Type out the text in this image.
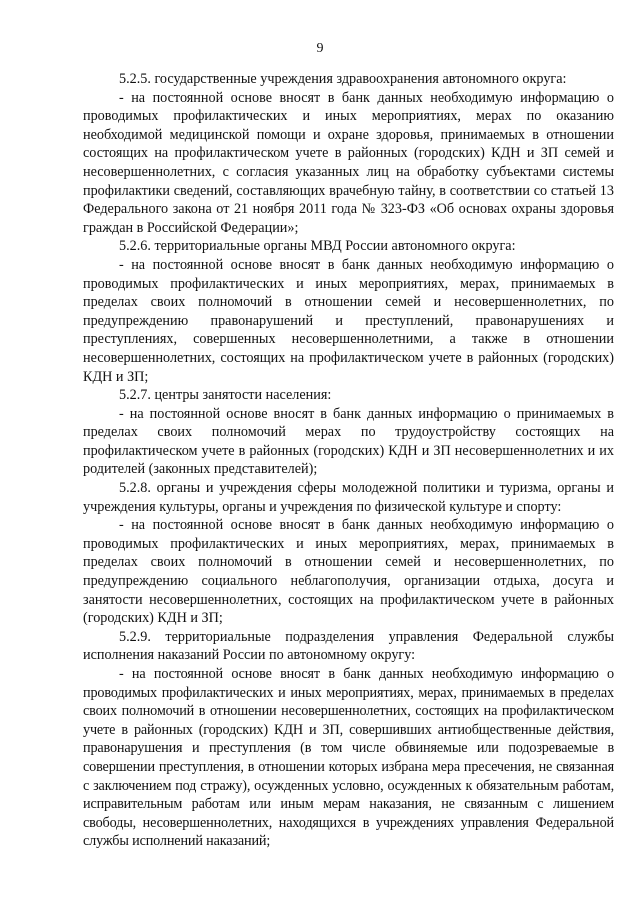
9

5.2.5. государственные учреждения здравоохранения автономного округа:

- на постоянной основе вносят в банк данных необходимую информацию о проводимых профилактических и иных мероприятиях, мерах по оказанию необходимой медицинской помощи и охране здоровья, принимаемых в отношении состоящих на профилактическом учете в районных (городских) КДН и ЗП семей и несовершеннолетних, с согласия указанных лиц на обработку субъектами системы профилактики сведений, составляющих врачебную тайну, в соответствии со статьей 13 Федерального закона от 21 ноября 2011 года № 323-ФЗ «Об основах охраны здоровья граждан в Российской Федерации»;

5.2.6. территориальные органы МВД России автономного округа:

- на постоянной основе вносят в банк данных необходимую информацию о проводимых профилактических и иных мероприятиях, мерах, принимаемых в пределах своих полномочий в отношении семей и несовершеннолетних, по предупреждению правонарушений и преступлений, правонарушениях и преступлениях, совершенных несовершеннолетними, а также в отношении несовершеннолетних, состоящих на профилактическом учете в районных (городских) КДН и ЗП;

5.2.7. центры занятости населения:

- на постоянной основе вносят в банк данных информацию о принимаемых в пределах своих полномочий мерах по трудоустройству состоящих на профилактическом учете в районных (городских) КДН и ЗП несовершеннолетних и их родителей (законных представителей);

5.2.8. органы и учреждения сферы молодежной политики и туризма, органы и учреждения культуры, органы и учреждения по физической культуре и спорту:

- на постоянной основе вносят в банк данных необходимую информацию о проводимых профилактических и иных мероприятиях, мерах, принимаемых в пределах своих полномочий в отношении семей и несовершеннолетних, по предупреждению социального неблагополучия, организации отдыха, досуга и занятости несовершеннолетних, состоящих на профилактическом учете в районных (городских) КДН и ЗП;

5.2.9. территориальные подразделения управления Федеральной службы исполнения наказаний России по автономному округу:

- на постоянной основе вносят в банк данных необходимую информацию о проводимых профилактических и иных мероприятиях, мерах, принимаемых в пределах своих полномочий в отношении несовершеннолетних, состоящих на профилактическом учете в районных (городских) КДН и ЗП, совершивших антиобщественные действия, правонарушения и преступления (в том числе обвиняемые или подозреваемые в совершении преступления, в отношении которых избрана мера пресечения, не связанная с заключением под стражу), осужденных условно, осужденных к обязательным работам, исправительным работам или иным мерам наказания, не связанным с лишением свободы, несовершеннолетних, находящихся в учреждениях управления Федеральной службы исполнений наказаний;
